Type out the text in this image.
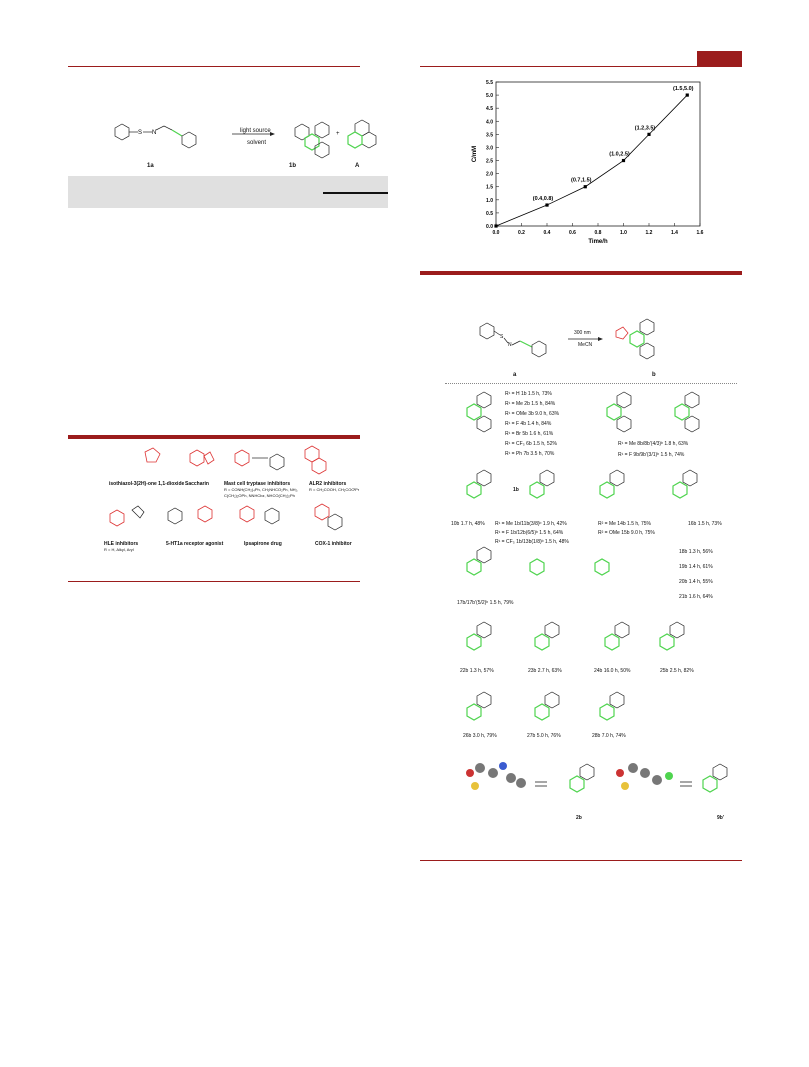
S N	light source
solvent
+
1a	1b	A
0.0	0.2	0.4	0.6	0.8	1.0	1.2	1.4	1.6
0.0
0.5
1.0
1.5
2.0
2.5
3.0
3.5
4.0
4.5
5.0
5.5
Time/h
C/mM
(0.4,0.8)
(0.7,1.5)
(1.0,2.5)
(1.2,3.5)
(1.5,5.0)
S
N
300 nm
MeCN
a	b
R¹ = H 1b 1.5 h, 73%
R¹ = Me 2b 1.5 h, 84%
R¹ = OMe 3b 9.0 h, 63%
R¹ = F 4b 1.4 h, 84%
R¹ = Br 5b 1.6 h, 61%
R¹ = CF₃ 6b 1.5 h, 52%
R¹ = Ph 7b 3.5 h, 70%
R¹ = Me 8b/8b'(4/3)ᵇ 1.8 h, 63%
R¹ = F 9b/9b'(3/1)ᵇ 1.5 h, 74%
10b 1.7 h, 48%
1b
R¹ = Me 1b/11b(3/8)ᵇ 1.9 h, 42%
R¹ = F 1b/12b(6/5)ᵇ 1.5 h, 64%
R¹ = CF₃ 1b/13b(1/8)ᵇ 1.5 h, 48%
R² = Me 14b 1.5 h, 75%
R² = OMe 15b 9.0 h, 75%
16b 1.5 h, 73%
17b/17b'(5/2)ᵇ 1.5 h, 79%
18b 1.3 h, 56%
19b 1.4 h, 61%
20b 1.4 h, 55%
21b 1.6 h, 64%
22b 1.3 h, 57%	23b 2.7 h, 63%	24b 16.0 h, 50%	25b 2.5 h, 82%
26b 3.0 h, 79%	27b 5.0 h, 76%	28b 7.0 h, 74%
2b	9b'
isothiazol-3(2H)-one 1,1-dioxide Saccharin	Mast cell tryptase inhibitors
R = CONH(CH₂)₄Ph, CH₂NHCO₂Ph, NH₂, C(CH₂)₂OPh, NNHCbz, NHCO(CH₂)₂Ph
ALR2 inhibitors
R = CH₂COOH, CH₂COOᴵPr
HLE inhibitors
R = H, Alkyl, Aryl
5-HT1a receptor agonist	Ipsapirone drug	COX-1 inhibitor
